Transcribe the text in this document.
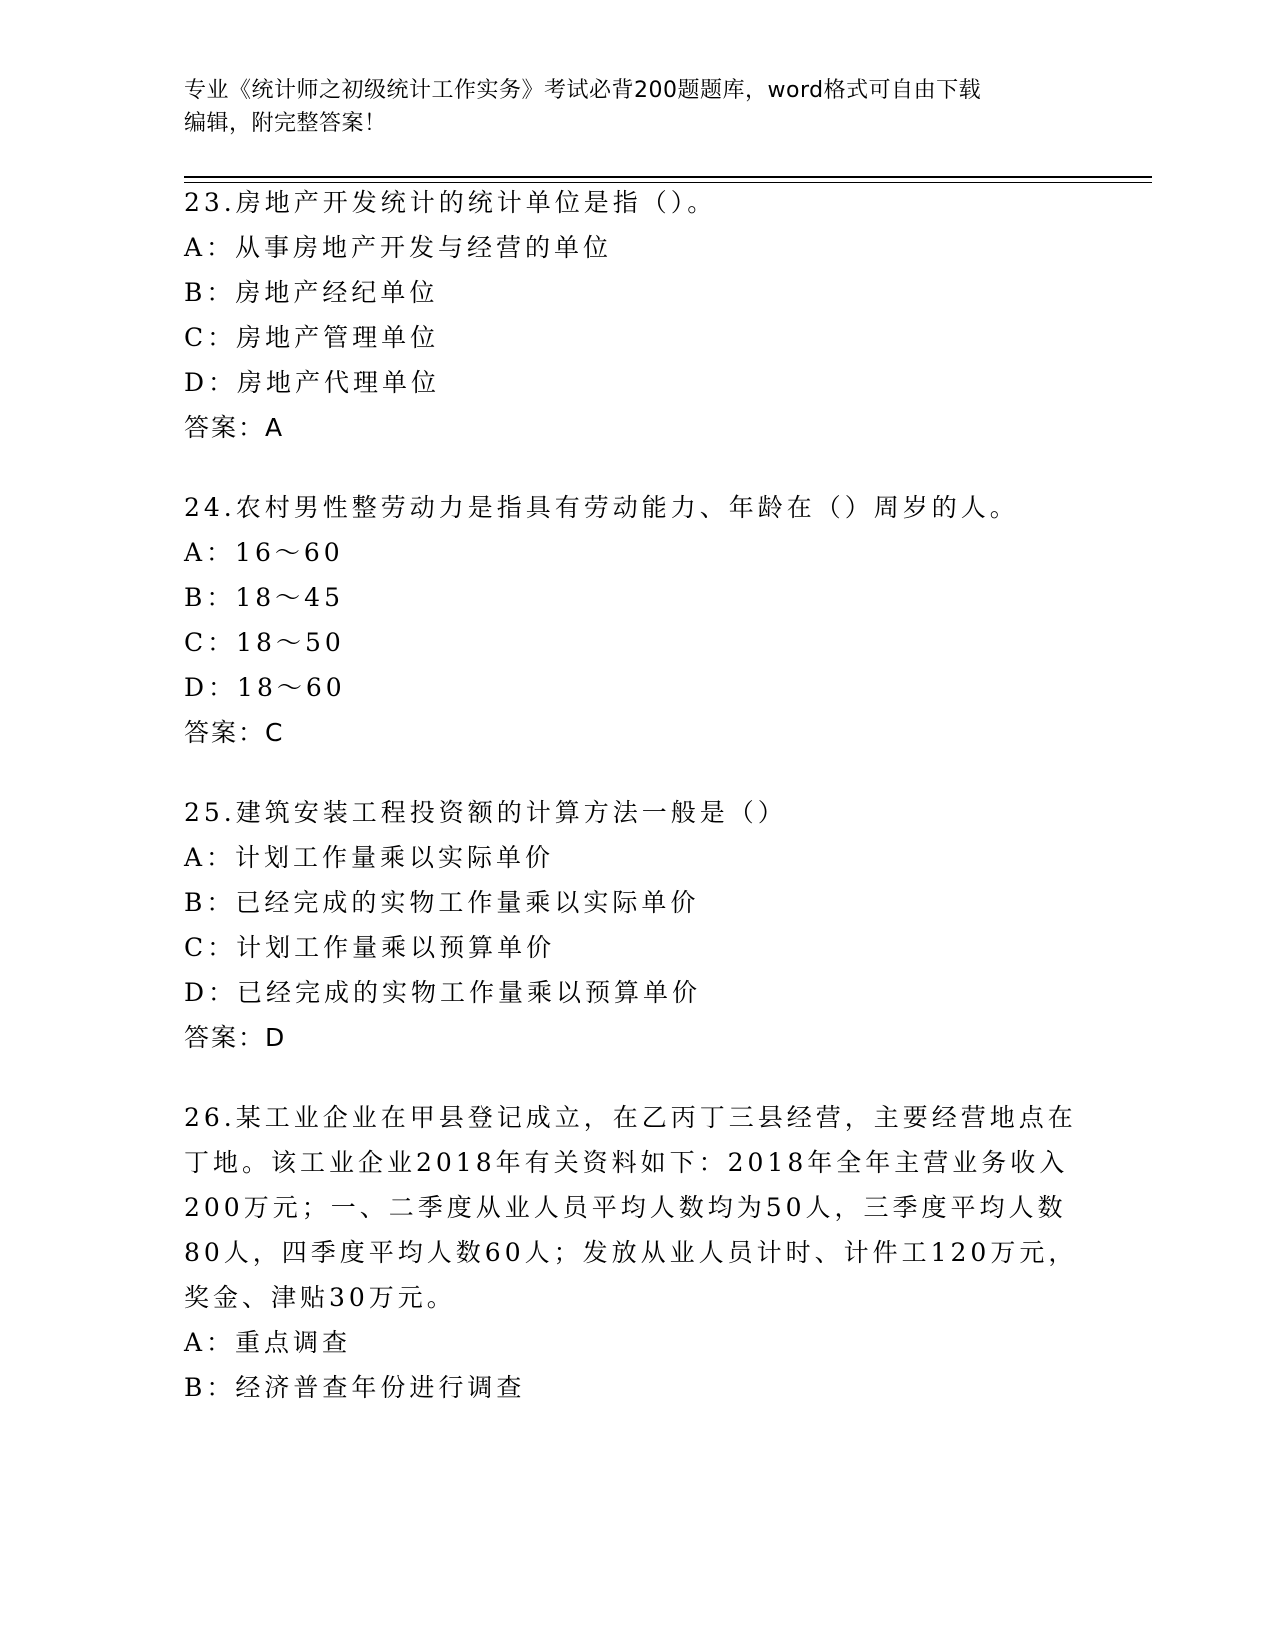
专业《统计师之初级统计工作实务》考试必背200题题库，word格式可自由下载
编辑，附完整答案！
23.房地产开发统计的统计单位是指（）。
A：从事房地产开发与经营的单位
B：房地产经纪单位
C：房地产管理单位
D：房地产代理单位
答案：A
24.农村男性整劳动力是指具有劳动能力、年龄在（）周岁的人。
A：16～60
B：18～45
C：18～50
D：18～60
答案：C
25.建筑安装工程投资额的计算方法一般是（）
A：计划工作量乘以实际单价
B：已经完成的实物工作量乘以实际单价
C：计划工作量乘以预算单价
D：已经完成的实物工作量乘以预算单价
答案：D
26.某工业企业在甲县登记成立，在乙丙丁三县经营，主要经营地点在
丁地。该工业企业2018年有关资料如下：2018年全年主营业务收入
200万元；一、二季度从业人员平均人数均为50人，三季度平均人数
80人，四季度平均人数60人；发放从业人员计时、计件工120万元，
奖金、津贴30万元。
A：重点调查
B：经济普查年份进行调查
